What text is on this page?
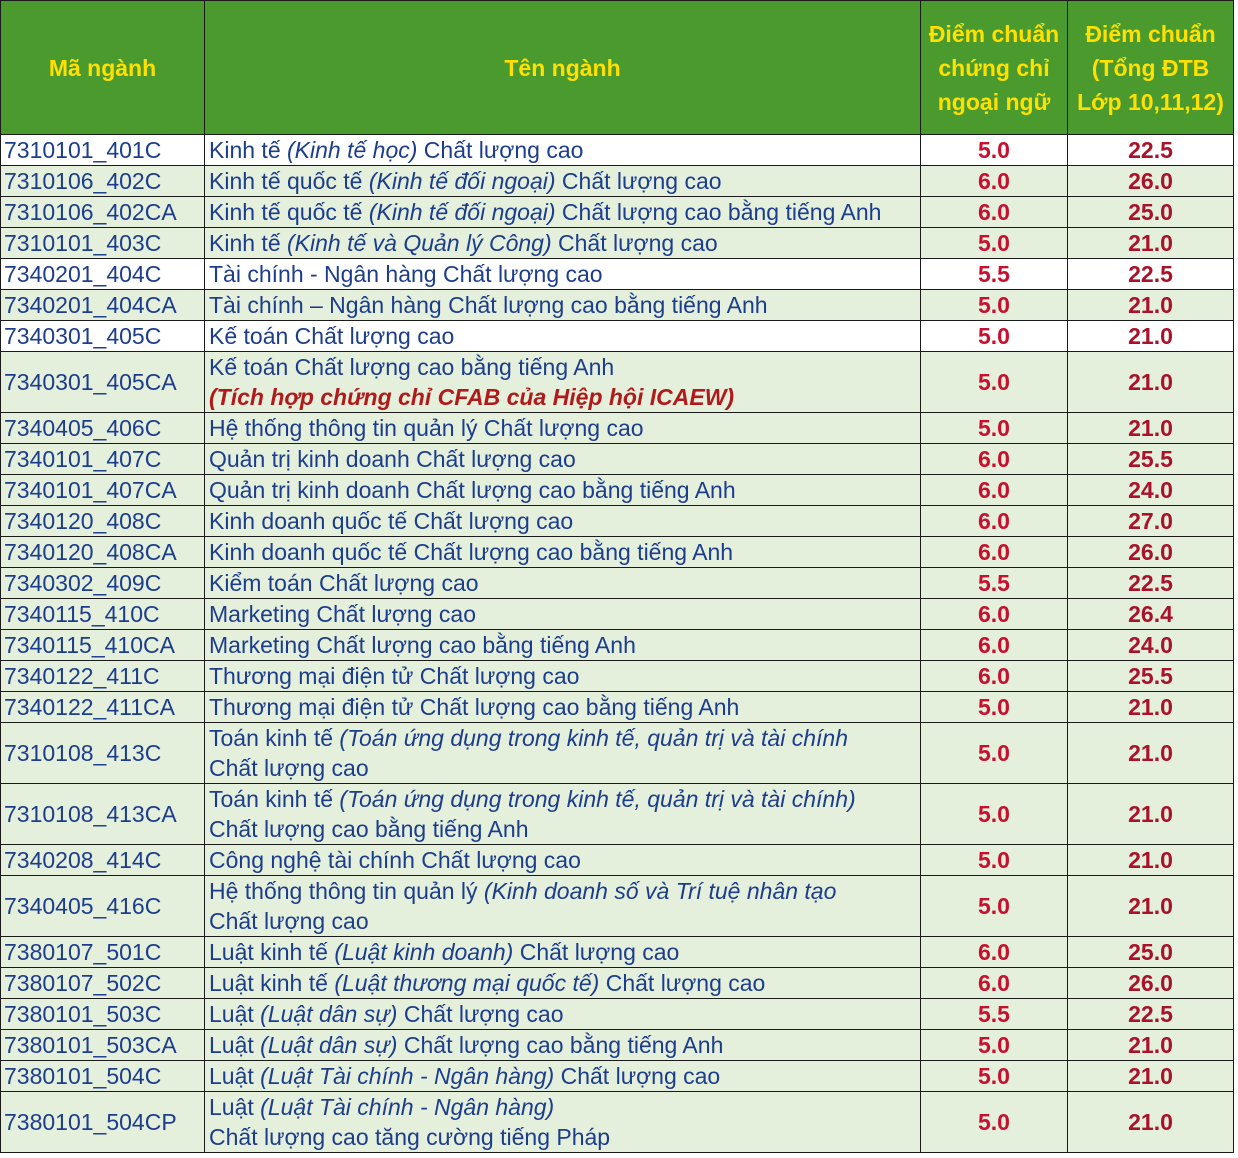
Mã ngành	Tên ngành	Điểm chuẩn chứng chỉ ngoại ngữ	Điểm chuẩn (Tổng ĐTB Lớp 10,11,12)
7310101_401C	Kinh tế (Kinh tế học) Chất lượng cao	5.0	22.5
7310106_402C	Kinh tế quốc tế (Kinh tế đối ngoại) Chất lượng cao	6.0	26.0
7310106_402CA	Kinh tế quốc tế (Kinh tế đối ngoại) Chất lượng cao bằng tiếng Anh	6.0	25.0
7310101_403C	Kinh tế (Kinh tế và Quản lý Công) Chất lượng cao	5.0	21.0
7340201_404C	Tài chính - Ngân hàng Chất lượng cao	5.5	22.5
7340201_404CA	Tài chính – Ngân hàng Chất lượng cao bằng tiếng Anh	5.0	21.0
7340301_405C	Kế toán Chất lượng cao	5.0	21.0
7340301_405CA	Kế toán Chất lượng cao bằng tiếng Anh
(Tích hợp chứng chỉ CFAB của Hiệp hội ICAEW)	5.0	21.0
7340405_406C	Hệ thống thông tin quản lý Chất lượng cao	5.0	21.0
7340101_407C	Quản trị kinh doanh Chất lượng cao	6.0	25.5
7340101_407CA	Quản trị kinh doanh Chất lượng cao bằng tiếng Anh	6.0	24.0
7340120_408C	Kinh doanh quốc tế Chất lượng cao	6.0	27.0
7340120_408CA	Kinh doanh quốc tế Chất lượng cao bằng tiếng Anh	6.0	26.0
7340302_409C	Kiểm toán Chất lượng cao	5.5	22.5
7340115_410C	Marketing Chất lượng cao	6.0	26.4
7340115_410CA	Marketing Chất lượng cao bằng tiếng Anh	6.0	24.0
7340122_411C	Thương mại điện tử Chất lượng cao	6.0	25.5
7340122_411CA	Thương mại điện tử Chất lượng cao bằng tiếng Anh	5.0	21.0
7310108_413C	Toán kinh tế (Toán ứng dụng trong kinh tế, quản trị và tài chính
Chất lượng cao	5.0	21.0
7310108_413CA	Toán kinh tế (Toán ứng dụng trong kinh tế, quản trị và tài chính)
Chất lượng cao bằng tiếng Anh	5.0	21.0
7340208_414C	Công nghệ tài chính Chất lượng cao	5.0	21.0
7340405_416C	Hệ thống thông tin quản lý (Kinh doanh số và Trí tuệ nhân tạo
Chất lượng cao	5.0	21.0
7380107_501C	Luật kinh tế (Luật kinh doanh) Chất lượng cao	6.0	25.0
7380107_502C	Luật kinh tế (Luật thương mại quốc tế) Chất lượng cao	6.0	26.0
7380101_503C	Luật (Luật dân sự) Chất lượng cao	5.5	22.5
7380101_503CA	Luật (Luật dân sự) Chất lượng cao bằng tiếng Anh	5.0	21.0
7380101_504C	Luật (Luật Tài chính - Ngân hàng) Chất lượng cao	5.0	21.0
7380101_504CP	Luật (Luật Tài chính - Ngân hàng)
Chất lượng cao tăng cường tiếng Pháp	5.0	21.0
